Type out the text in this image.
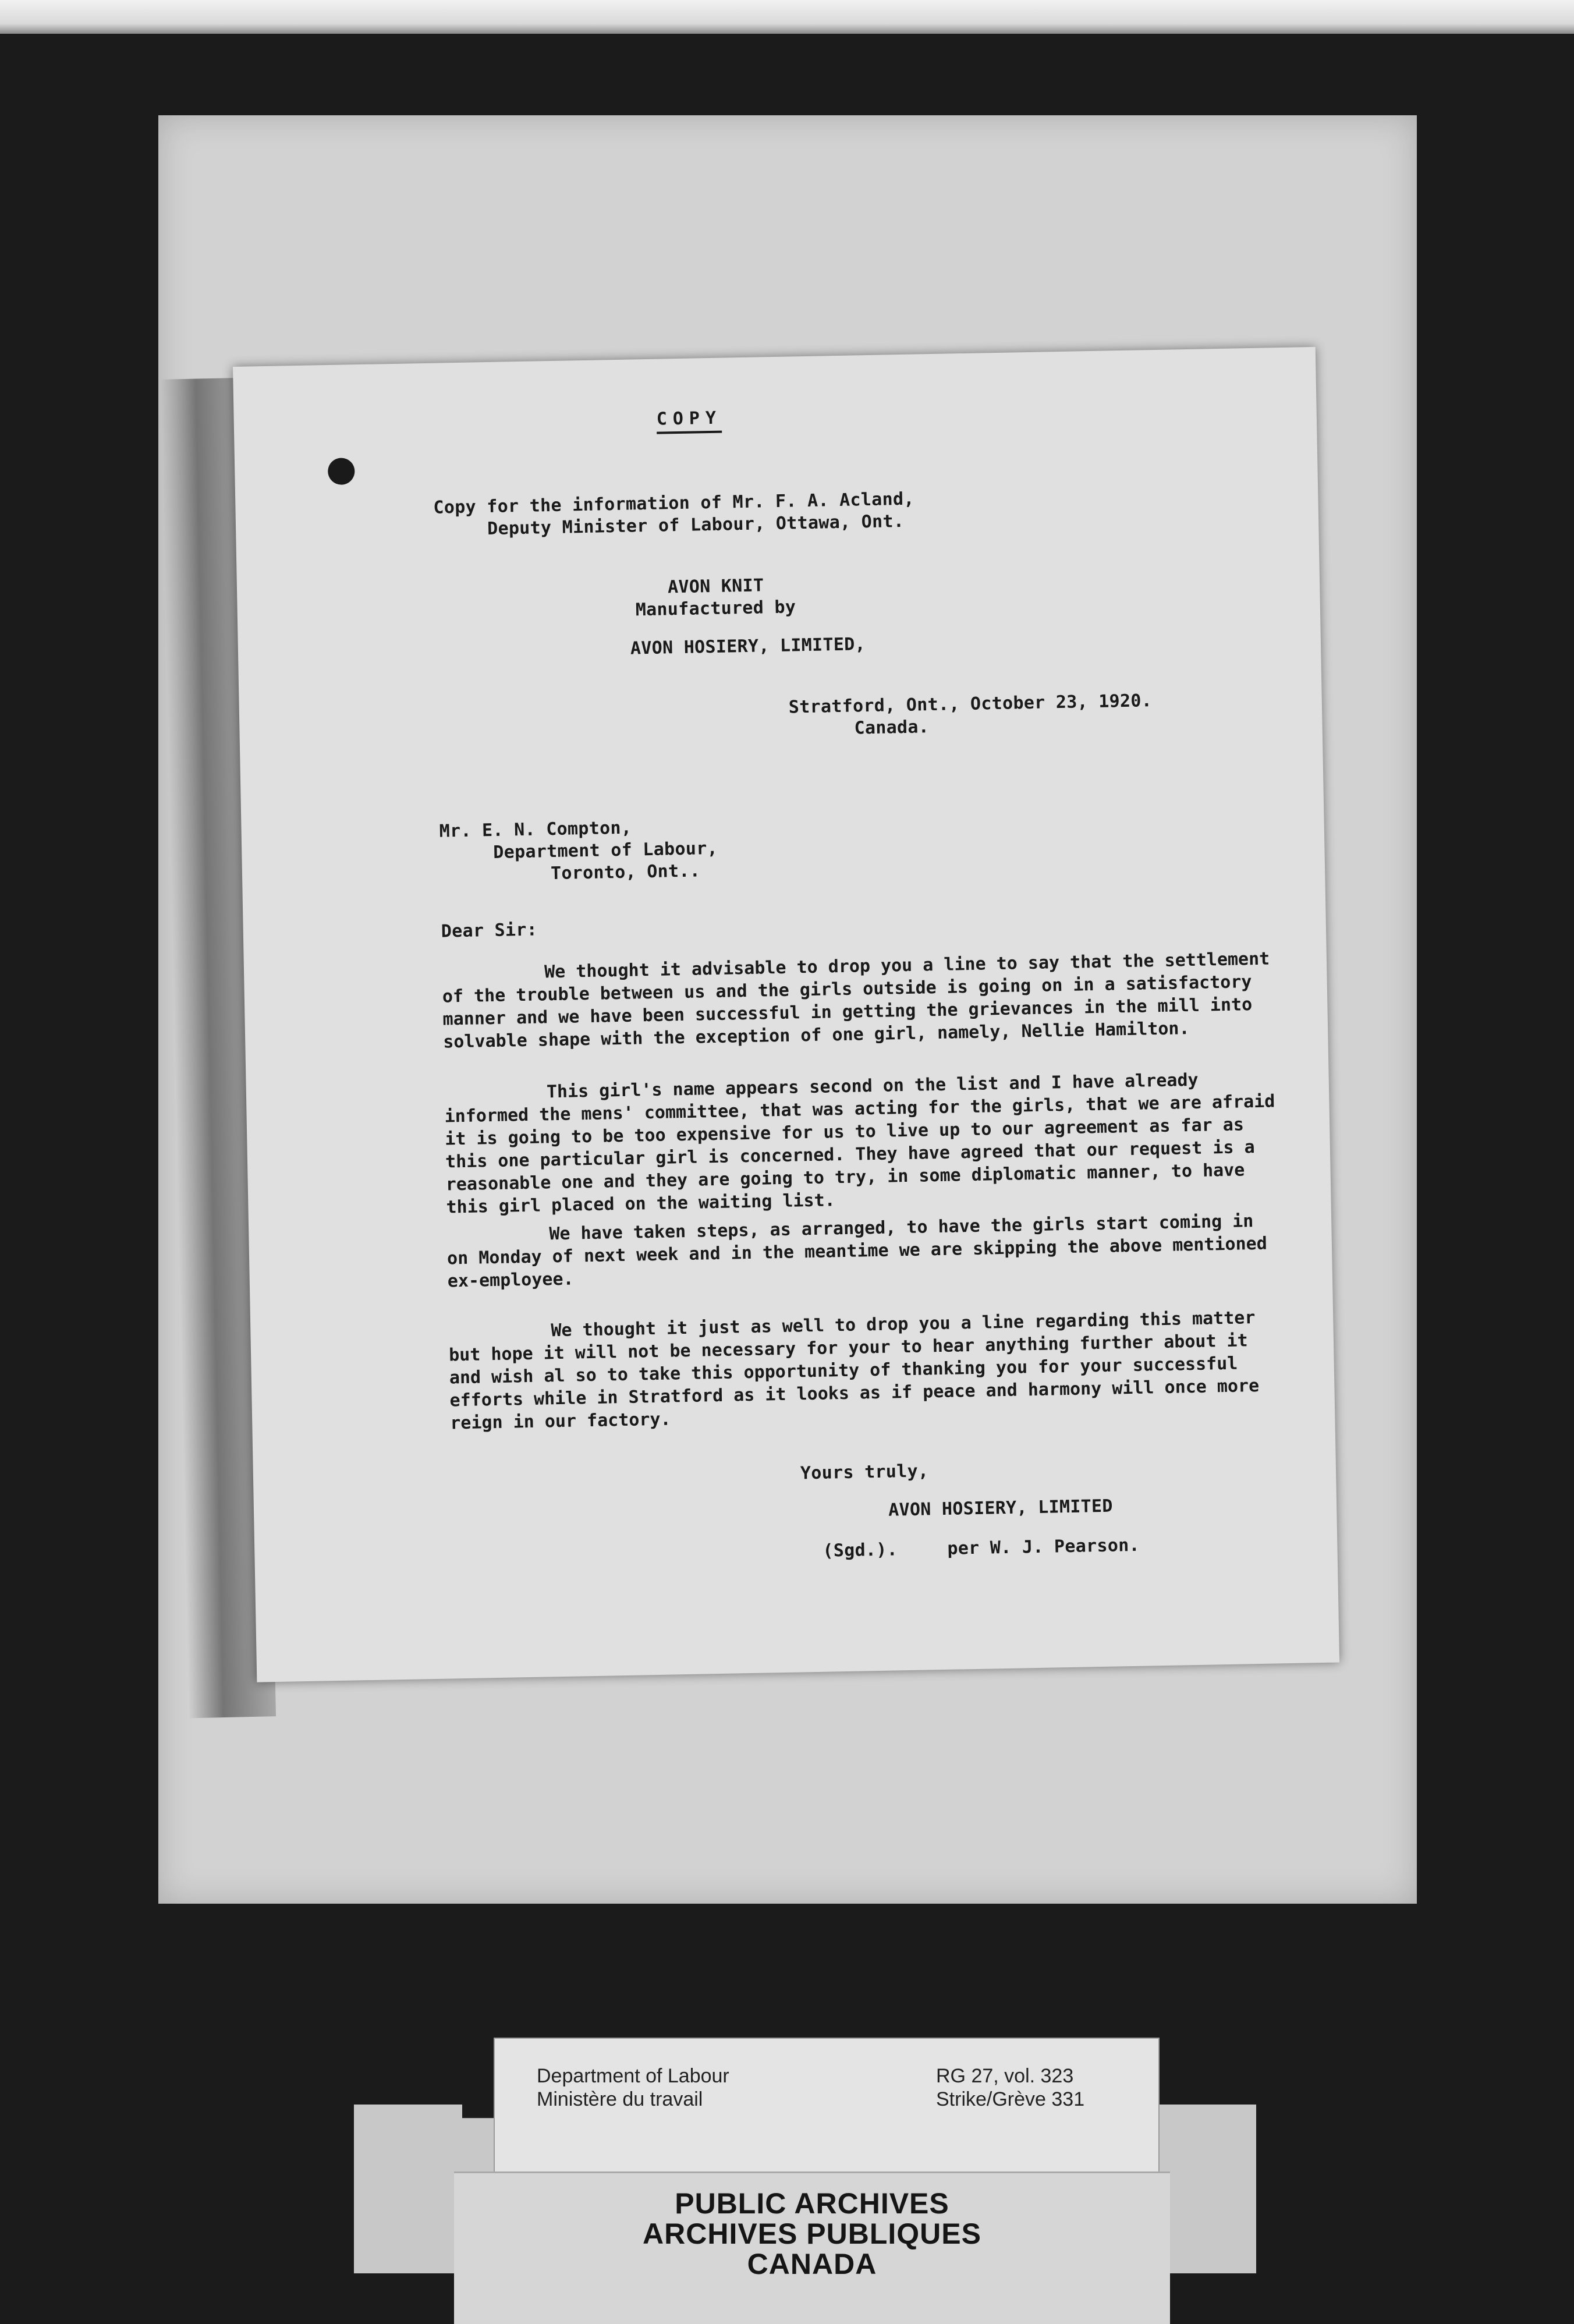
COPY
Copy for the information of Mr. F. A. Acland,
Deputy Minister of Labour, Ottawa, Ont.
AVON KNIT
Manufactured by
AVON HOSIERY, LIMITED,
Stratford, Ont., October 23, 1920.
Canada.
Mr. E. N. Compton,
Department of Labour,
Toronto, Ont..
Dear Sir:
We thought it advisable to drop you a line to say that the settlement of the trouble between us and the girls outside is going on in a satisfactory manner and we have been successful in getting the grievances in the mill into solvable shape with the exception of one girl, namely, Nellie Hamilton.
This girl's name appears second on the list and I have already informed the mens' committee, that was acting for the girls, that we are afraid it is going to be too expensive for us to live up to our agreement as far as this one particular girl is concerned. They have agreed that our request is a reasonable one and they are going to try, in some diplomatic manner, to have this girl placed on the waiting list.
We have taken steps, as arranged, to have the girls start coming in on Monday of next week and in the meantime we are skipping the above mentioned ex-employee.
We thought it just as well to drop you a line regarding this matter but hope it will not be necessary for your to hear anything further about it and wish al so to take this opportunity of thanking you for your successful efforts while in Stratford as it looks as if peace and harmony will once more reign in our factory.
Yours truly,
AVON HOSIERY, LIMITED
(Sgd.).	per W. J. Pearson.
Department of Labour
Ministère du travail
RG 27, vol. 323
Strike/Grève 331
PUBLIC ARCHIVES
ARCHIVES PUBLIQUES
CANADA
